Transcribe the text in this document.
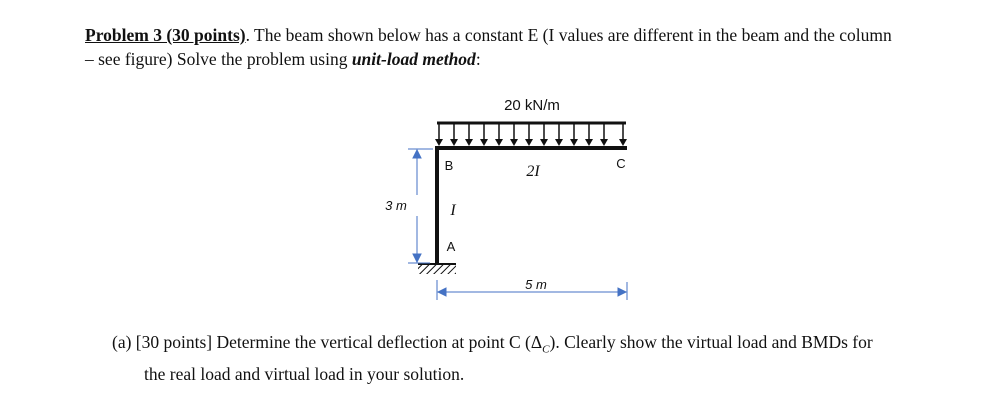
Problem 3 (30 points). The beam shown below has a constant E (I values are different in the beam and the column
– see figure) Solve the problem using unit-load method:
20 kN/m
B	C
A
2I
I
3 m
5 m
(a) [30 points] Determine the vertical deflection at point C $(\Delta_C)$. Clearly show the virtual load and BMDs for
the real load and virtual load in your solution.
